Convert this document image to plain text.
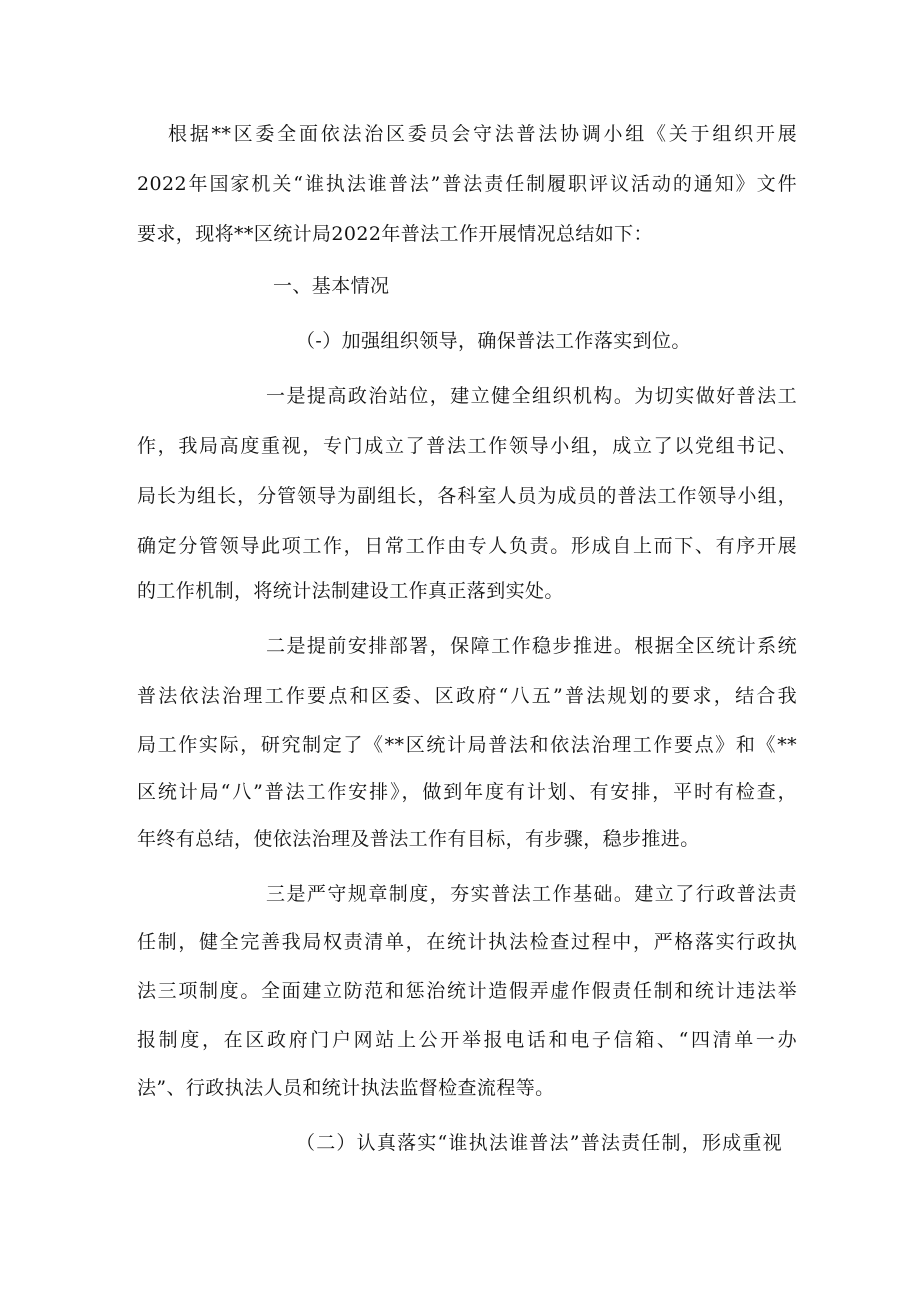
根据**区委全面依法治区委员会守法普法协调小组《关于组织开展
2022年国家机关“谁执法谁普法”普法责任制履职评议活动的通知》文件
要求，现将**区统计局2022年普法工作开展情况总结如下：
一、基本情况
（-）加强组织领导，确保普法工作落实到位。
一是提高政治站位，建立健全组织机构。为切实做好普法工
作，我局高度重视，专门成立了普法工作领导小组，成立了以党组书记、
局长为组长，分管领导为副组长，各科室人员为成员的普法工作领导小组，
确定分管领导此项工作，日常工作由专人负责。形成自上而下、有序开展
的工作机制，将统计法制建设工作真正落到实处。
二是提前安排部署，保障工作稳步推进。根据全区统计系统
普法依法治理工作要点和区委、区政府“八五”普法规划的要求，结合我
局工作实际，研究制定了《**区统计局普法和依法治理工作要点》和《**
区统计局“八”普法工作安排》，做到年度有计划、有安排，平时有检查，
年终有总结，使依法治理及普法工作有目标，有步骤，稳步推进。
三是严守规章制度，夯实普法工作基础。建立了行政普法责
任制，健全完善我局权责清单，在统计执法检查过程中，严格落实行政执
法三项制度。全面建立防范和惩治统计造假弄虚作假责任制和统计违法举
报制度，在区政府门户网站上公开举报电话和电子信箱、“四清单一办
法”、行政执法人员和统计执法监督检查流程等。
（二）认真落实“谁执法谁普法”普法责任制，形成重视
